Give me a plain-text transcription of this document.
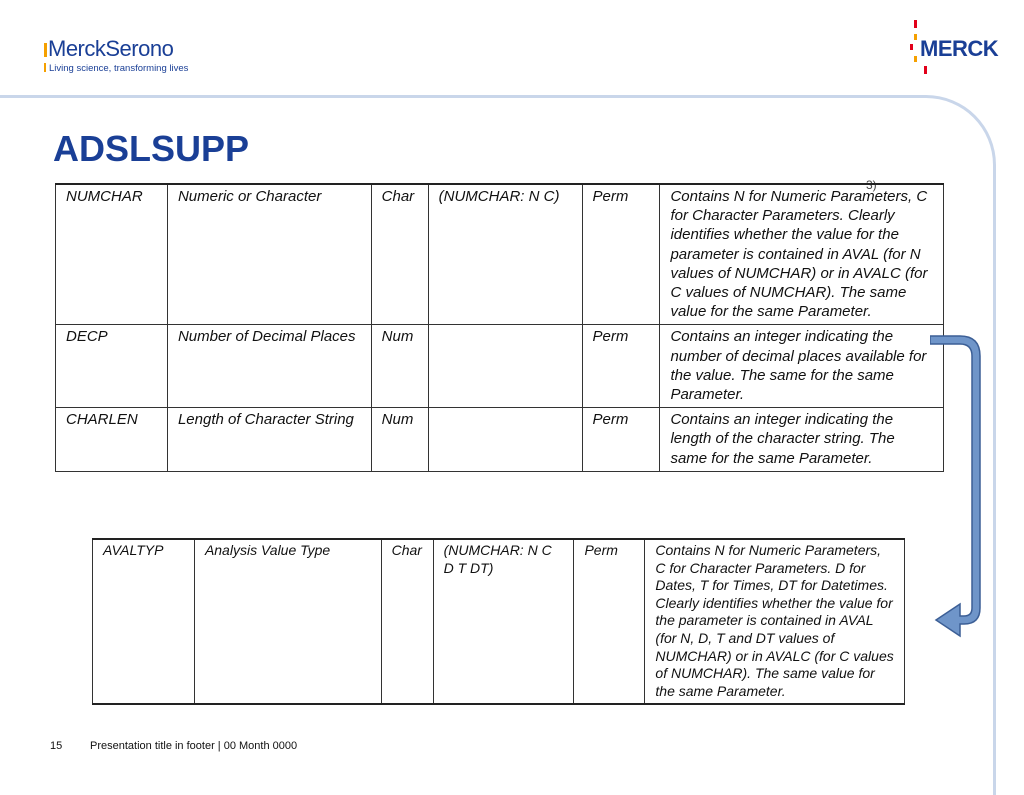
MerckSerono
Living science, transforming lives
MERCK
ADSLSUPP
3)
NUMCHAR	Numeric or Character	Char	(NUMCHAR: N C)	Perm	Contains N for Numeric Parameters, C for Character Parameters. Clearly identifies whether the value for the parameter is contained in AVAL (for N values of NUMCHAR) or in AVALC (for C values of NUMCHAR). The same value for the same Parameter.
DECP	Number of Decimal Places	Num		Perm	Contains an integer indicating the number of decimal places available for the value. The same for the same Parameter.
CHARLEN	Length of Character String	Num		Perm	Contains an integer indicating the length of the character string. The same for the same Parameter.
AVALTYP	Analysis Value Type	Char	(NUMCHAR: N C D T DT)	Perm	Contains N for Numeric Parameters, C for Character Parameters. D for Dates, T for Times, DT for Datetimes. Clearly identifies whether the value for the parameter is contained in AVAL (for N, D, T and DT values of NUMCHAR) or in AVALC (for C values of NUMCHAR). The same value for the same Parameter.
15	Presentation title in footer | 00 Month 0000
